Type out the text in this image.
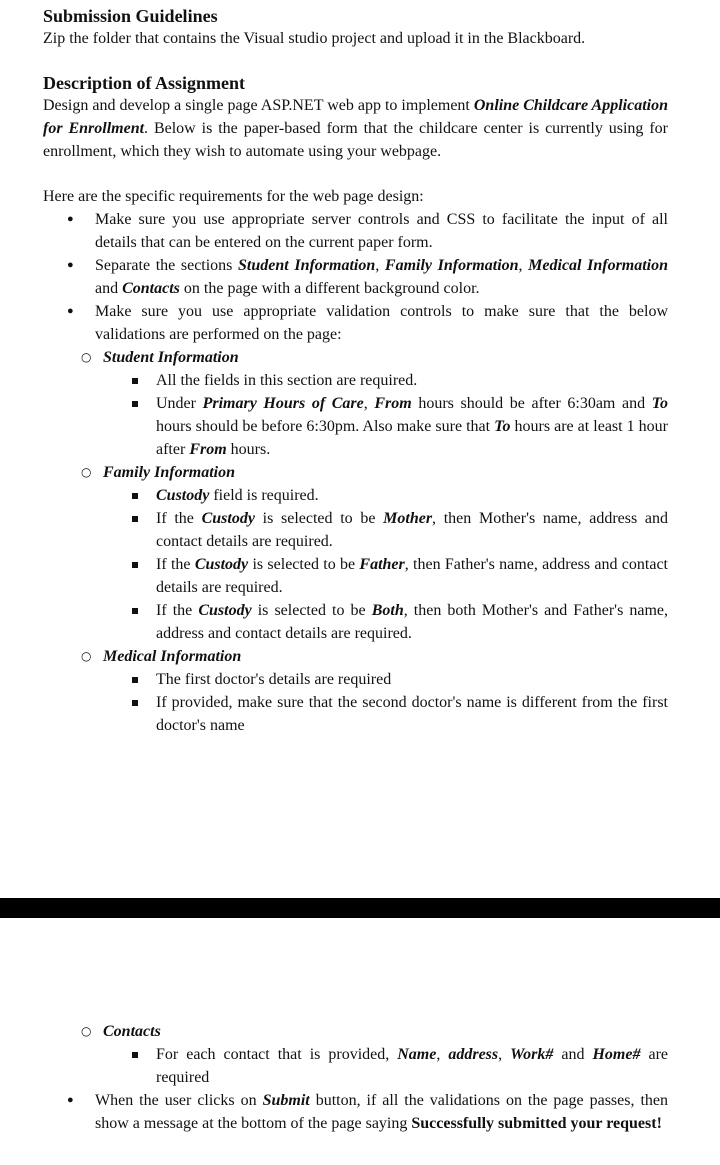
Submission Guidelines

Zip the folder that contains the Visual studio project and upload it in the Blackboard.

Description of Assignment

Design and develop a single page ASP.NET web app to implement Online Childcare Application for Enrollment. Below is the paper-based form that the childcare center is currently using for enrollment, which they wish to automate using your webpage.

Here are the specific requirements for the web page design:

● Make sure you use appropriate server controls and CSS to facilitate the input of all details that can be entered on the current paper form.
● Separate the sections Student Information, Family Information, Medical Information and Contacts on the page with a different background color.
● Make sure you use appropriate validation controls to make sure that the below validations are performed on the page:
○ Student Information
All the fields in this section are required.
Under Primary Hours of Care, From hours should be after 6:30am and To hours should be before 6:30pm. Also make sure that To hours are at least 1 hour after From hours.
○ Family Information
Custody field is required.
If the Custody is selected to be Mother, then Mother's name, address and contact details are required.
If the Custody is selected to be Father, then Father's name, address and contact details are required.
If the Custody is selected to be Both, then both Mother's and Father's name, address and contact details are required.
○ Medical Information
The first doctor's details are required
If provided, make sure that the second doctor's name is different from the first doctor's name
○ Contacts
For each contact that is provided, Name, address, Work# and Home# are required
● When the user clicks on Submit button, if all the validations on the page passes, then show a message at the bottom of the page saying Successfully submitted your request!
